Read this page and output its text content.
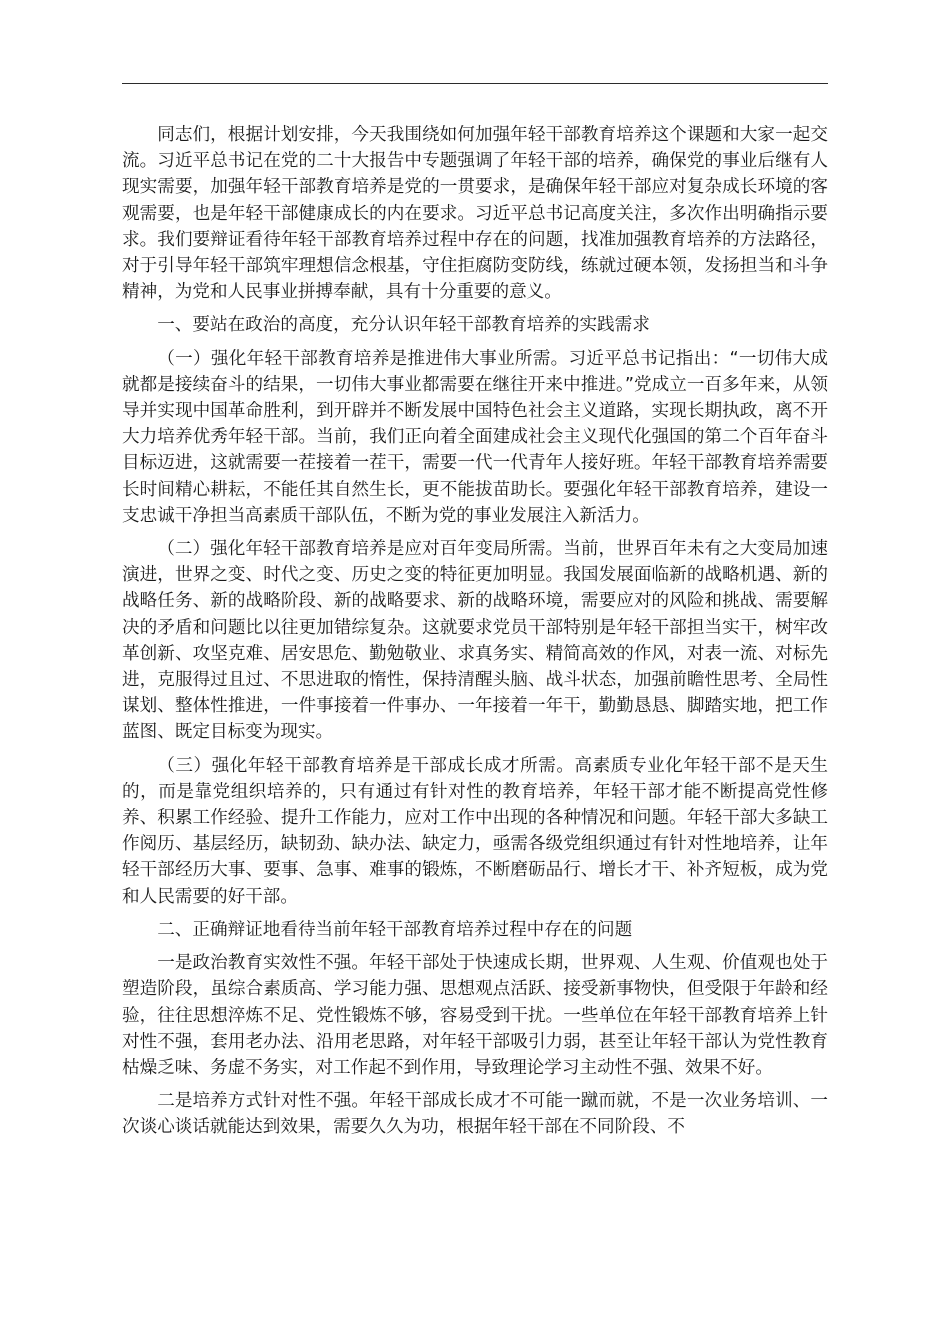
同志们，根据计划安排，今天我围绕如何加强年轻干部教育培养这个课题和大家一起交流。习近平总书记在党的二十大报告中专题强调了年轻干部的培养，确保党的事业后继有人现实需要，加强年轻干部教育培养是党的一贯要求，是确保年轻干部应对复杂成长环境的客观需要，也是年轻干部健康成长的内在要求。习近平总书记高度关注，多次作出明确指示要求。我们要辩证看待年轻干部教育培养过程中存在的问题，找准加强教育培养的方法路径，对于引导年轻干部筑牢理想信念根基，守住拒腐防变防线，练就过硬本领，发扬担当和斗争精神，为党和人民事业拼搏奉献，具有十分重要的意义。

一、要站在政治的高度，充分认识年轻干部教育培养的实践需求

（一）强化年轻干部教育培养是推进伟大事业所需。习近平总书记指出：“一切伟大成就都是接续奋斗的结果，一切伟大事业都需要在继往开来中推进。”党成立一百多年来，从领导并实现中国革命胜利，到开辟并不断发展中国特色社会主义道路，实现长期执政，离不开大力培养优秀年轻干部。当前，我们正向着全面建成社会主义现代化强国的第二个百年奋斗目标迈进，这就需要一茬接着一茬干，需要一代一代青年人接好班。年轻干部教育培养需要长时间精心耕耘，不能任其自然生长，更不能拔苗助长。要强化年轻干部教育培养，建设一支忠诚干净担当高素质干部队伍，不断为党的事业发展注入新活力。

（二）强化年轻干部教育培养是应对百年变局所需。当前，世界百年未有之大变局加速演进，世界之变、时代之变、历史之变的特征更加明显。我国发展面临新的战略机遇、新的战略任务、新的战略阶段、新的战略要求、新的战略环境，需要应对的风险和挑战、需要解决的矛盾和问题比以往更加错综复杂。这就要求党员干部特别是年轻干部担当实干，树牢改革创新、攻坚克难、居安思危、勤勉敬业、求真务实、精简高效的作风，对表一流、对标先进，克服得过且过、不思进取的惰性，保持清醒头脑、战斗状态，加强前瞻性思考、全局性谋划、整体性推进，一件事接着一件事办、一年接着一年干，勤勤恳恳、脚踏实地，把工作蓝图、既定目标变为现实。

（三）强化年轻干部教育培养是干部成长成才所需。高素质专业化年轻干部不是天生的，而是靠党组织培养的，只有通过有针对性的教育培养，年轻干部才能不断提高党性修养、积累工作经验、提升工作能力，应对工作中出现的各种情况和问题。年轻干部大多缺工作阅历、基层经历，缺韧劲、缺办法、缺定力，亟需各级党组织通过有针对性地培养，让年轻干部经历大事、要事、急事、难事的锻炼，不断磨砺品行、增长才干、补齐短板，成为党和人民需要的好干部。

二、正确辩证地看待当前年轻干部教育培养过程中存在的问题

一是政治教育实效性不强。年轻干部处于快速成长期，世界观、人生观、价值观也处于塑造阶段，虽综合素质高、学习能力强、思想观点活跃、接受新事物快，但受限于年龄和经验，往往思想淬炼不足、党性锻炼不够，容易受到干扰。一些单位在年轻干部教育培养上针对性不强，套用老办法、沿用老思路，对年轻干部吸引力弱，甚至让年轻干部认为党性教育枯燥乏味、务虚不务实，对工作起不到作用，导致理论学习主动性不强、效果不好。

二是培养方式针对性不强。年轻干部成长成才不可能一蹴而就，不是一次业务培训、一次谈心谈话就能达到效果，需要久久为功，根据年轻干部在不同阶段、不
